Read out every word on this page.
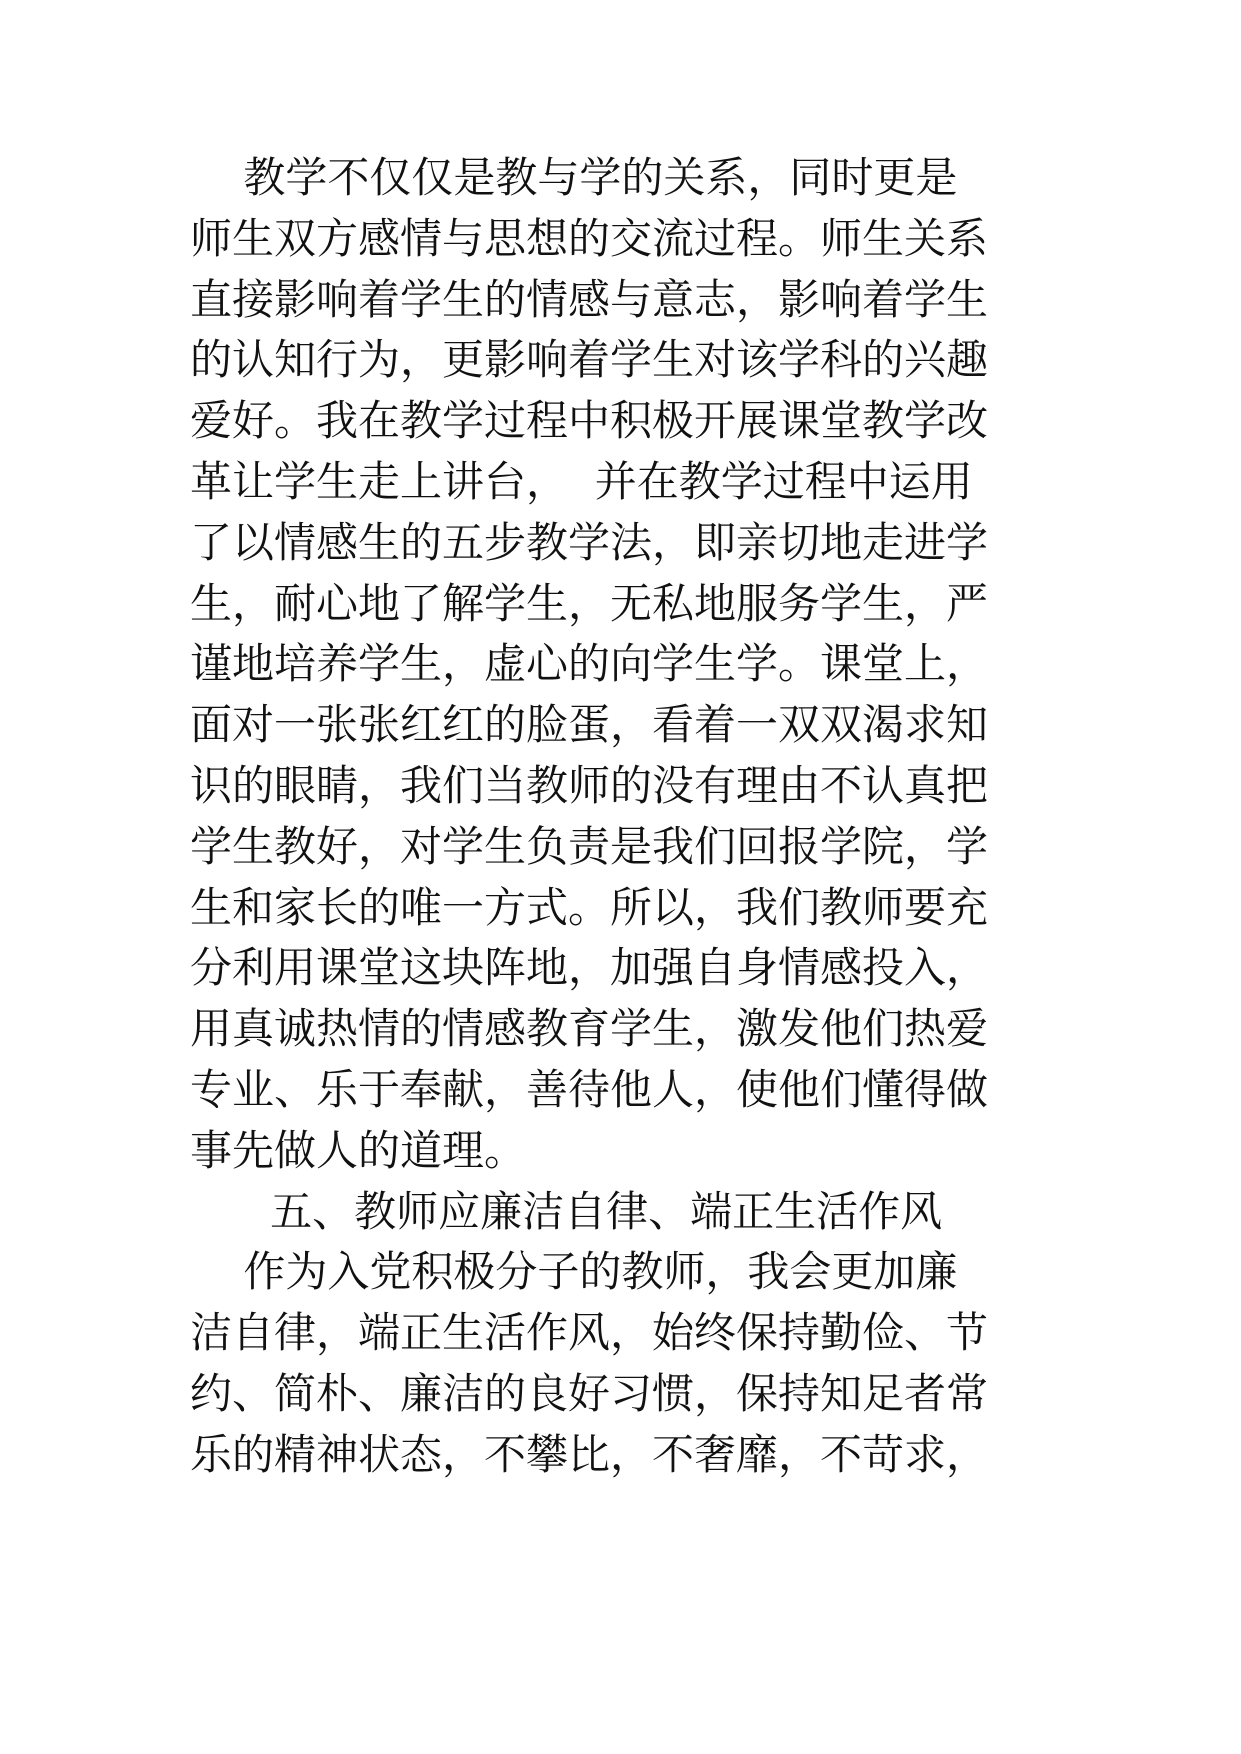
教学不仅仅是教与学的关系，同时更是
师生双方感情与思想的交流过程。师生关系
直接影响着学生的情感与意志，影响着学生
的认知行为，更影响着学生对该学科的兴趣
爱好。我在教学过程中积极开展课堂教学改
革让学生走上讲台，  并在教学过程中运用
了以情感生的五步教学法，即亲切地走进学
生，耐心地了解学生，无私地服务学生，严
谨地培养学生，虚心的向学生学。课堂上，
面对一张张红红的脸蛋，看着一双双渴求知
识的眼睛，我们当教师的没有理由不认真把
学生教好，对学生负责是我们回报学院，学
生和家长的唯一方式。所以，我们教师要充
分利用课堂这块阵地，加强自身情感投入，
用真诚热情的情感教育学生，激发他们热爱
专业、乐于奉献，善待他人，使他们懂得做
事先做人的道理。
五、教师应廉洁自律、端正生活作风
作为入党积极分子的教师，我会更加廉
洁自律，端正生活作风，始终保持勤俭、节
约、简朴、廉洁的良好习惯，保持知足者常
乐的精神状态，不攀比，不奢靡，不苛求，
